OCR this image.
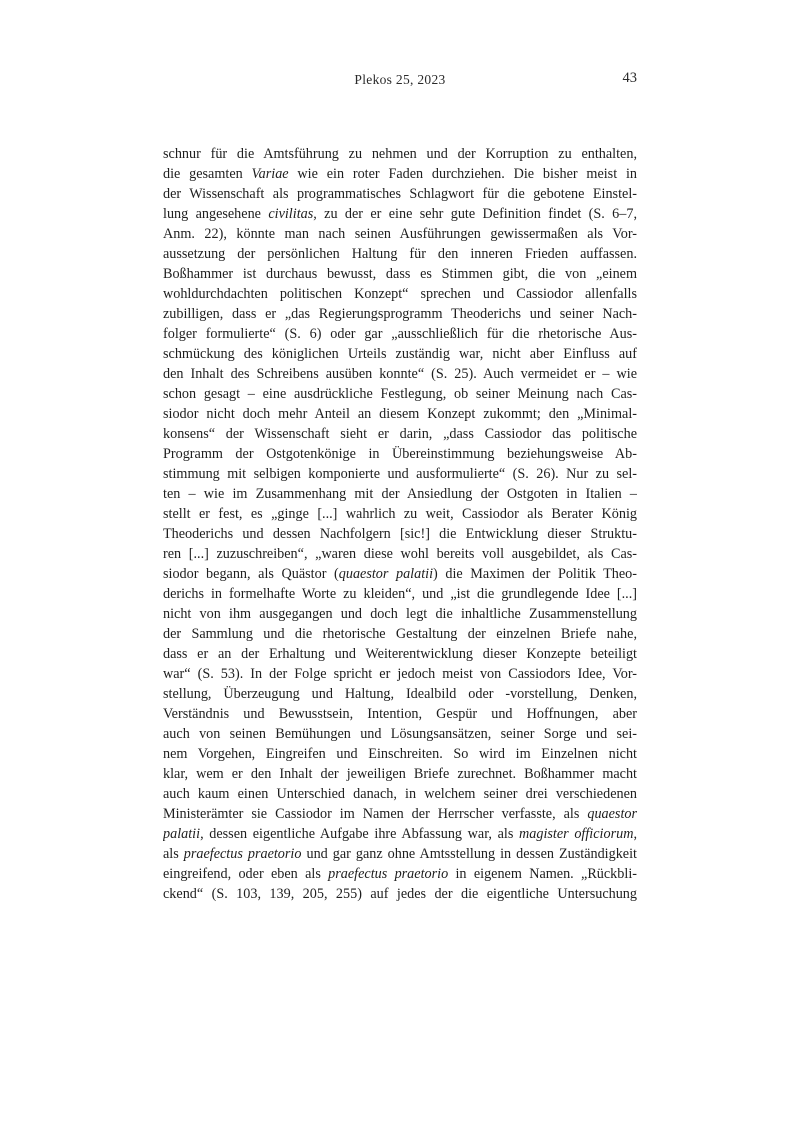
Plekos 25, 2023	43
schnur für die Amtsführung zu nehmen und der Korruption zu enthalten,
die gesamten Variae wie ein roter Faden durchziehen. Die bisher meist in
der Wissenschaft als programmatisches Schlagwort für die gebotene Einstel-
lung angesehene civilitas, zu der er eine sehr gute Definition findet (S. 6–7,
Anm. 22), könnte man nach seinen Ausführungen gewissermaßen als Vor-
aussetzung der persönlichen Haltung für den inneren Frieden auffassen.
Boßhammer ist durchaus bewusst, dass es Stimmen gibt, die von „einem
wohldurchdachten politischen Konzept“ sprechen und Cassiodor allenfalls
zubilligen, dass er „das Regierungsprogramm Theoderichs und seiner Nach-
folger formulierte“ (S. 6) oder gar „ausschließlich für die rhetorische Aus-
schmückung des königlichen Urteils zuständig war, nicht aber Einfluss auf
den Inhalt des Schreibens ausüben konnte“ (S. 25). Auch vermeidet er – wie
schon gesagt – eine ausdrückliche Festlegung, ob seiner Meinung nach Cas-
siodor nicht doch mehr Anteil an diesem Konzept zukommt; den „Minimal-
konsens“ der Wissenschaft sieht er darin, „dass Cassiodor das politische
Programm der Ostgotenkönige in Übereinstimmung beziehungsweise Ab-
stimmung mit selbigen komponierte und ausformulierte“ (S. 26). Nur zu sel-
ten – wie im Zusammenhang mit der Ansiedlung der Ostgoten in Italien –
stellt er fest, es „ginge [...] wahrlich zu weit, Cassiodor als Berater König
Theoderichs und dessen Nachfolgern [sic!] die Entwicklung dieser Struktu-
ren [...] zuzuschreiben“, „waren diese wohl bereits voll ausgebildet, als Cas-
siodor begann, als Quästor (quaestor palatii) die Maximen der Politik Theo-
derichs in formelhafte Worte zu kleiden“, und „ist die grundlegende Idee [...]
nicht von ihm ausgegangen und doch legt die inhaltliche Zusammenstellung
der Sammlung und die rhetorische Gestaltung der einzelnen Briefe nahe,
dass er an der Erhaltung und Weiterentwicklung dieser Konzepte beteiligt
war“ (S. 53). In der Folge spricht er jedoch meist von Cassiodors Idee, Vor-
stellung, Überzeugung und Haltung, Idealbild oder -vorstellung, Denken,
Verständnis und Bewusstsein, Intention, Gespür und Hoffnungen, aber
auch von seinen Bemühungen und Lösungsansätzen, seiner Sorge und sei-
nem Vorgehen, Eingreifen und Einschreiten. So wird im Einzelnen nicht
klar, wem er den Inhalt der jeweiligen Briefe zurechnet. Boßhammer macht
auch kaum einen Unterschied danach, in welchem seiner drei verschiedenen
Ministerämter sie Cassiodor im Namen der Herrscher verfasste, als quaestor
palatii, dessen eigentliche Aufgabe ihre Abfassung war, als magister officiorum,
als praefectus praetorio und gar ganz ohne Amtsstellung in dessen Zuständigkeit
eingreifend, oder eben als praefectus praetorio in eigenem Namen. „Rückbli-
ckend“ (S. 103, 139, 205, 255) auf jedes der die eigentliche Untersuchung
